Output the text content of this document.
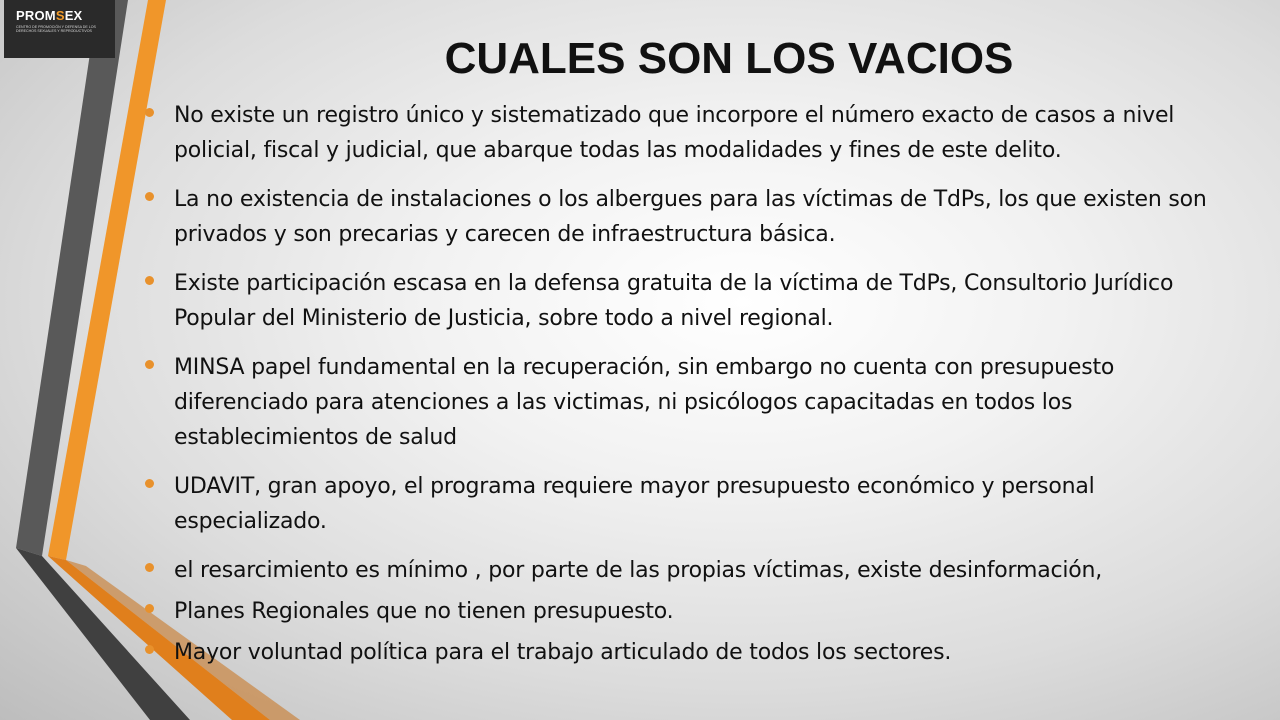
PROMSEX
CENTRO DE PROMOCIÓN Y DEFENSA DE LOS DERECHOS SEXUALES Y REPRODUCTIVOS
CUALES SON LOS VACIOS
No existe un registro único y sistematizado que incorpore el número exacto de casos a nivel policial, fiscal y judicial, que abarque todas las modalidades y fines de este delito.
La no existencia de instalaciones o los albergues para las víctimas de TdPs, los que existen son privados y son precarias y carecen de infraestructura básica.
Existe participación escasa en la defensa gratuita de la víctima de TdPs, Consultorio Jurídico Popular del Ministerio de Justicia, sobre todo a nivel regional.
MINSA papel fundamental en la recuperación, sin embargo no cuenta con presupuesto diferenciado para atenciones a las victimas, ni psicólogos capacitadas en todos los establecimientos de salud
UDAVIT, gran apoyo, el programa requiere mayor presupuesto económico y personal especializado.
el resarcimiento es mínimo , por parte de las propias víctimas, existe desinformación,
Planes Regionales que no tienen presupuesto.
Mayor voluntad política para el trabajo articulado de todos los sectores.
